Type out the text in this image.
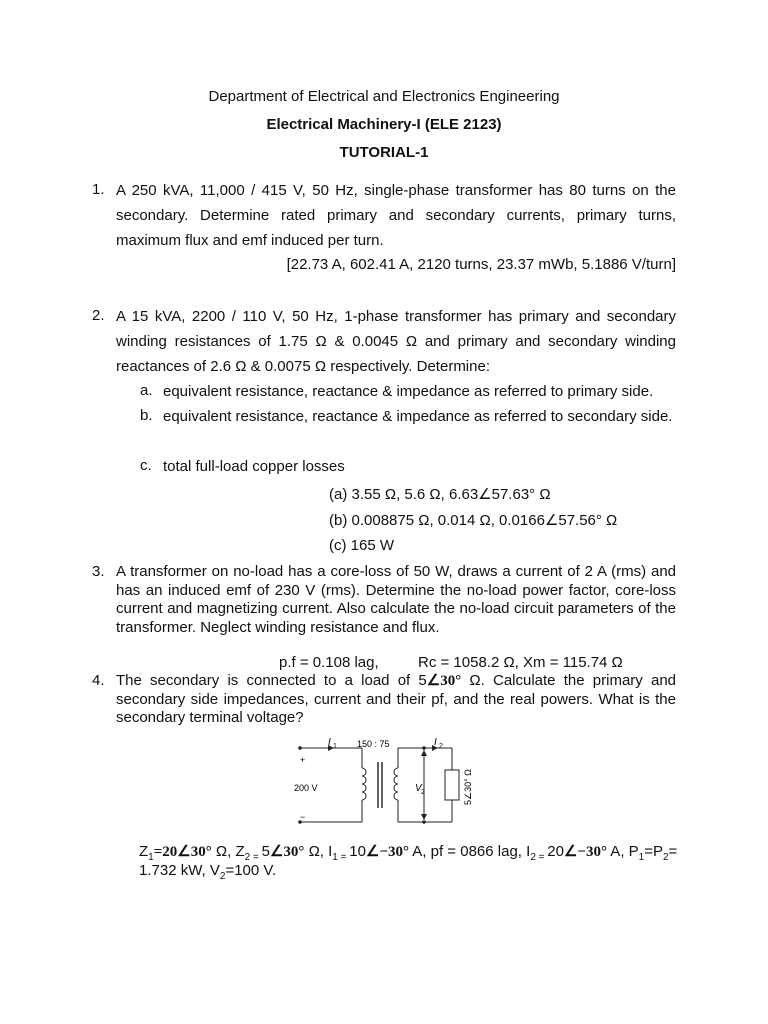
Department of Electrical and Electronics Engineering
Electrical Machinery-I (ELE 2123)
TUTORIAL-1
1. A 250 kVA, 11,000 / 415 V, 50 Hz, single-phase transformer has 80 turns on the secondary. Determine rated primary and secondary currents, primary turns, maximum flux and emf induced per turn.
[22.73 A, 602.41 A, 2120 turns, 23.37 mWb, 5.1886 V/turn]
2. A 15 kVA, 2200 / 110 V, 50 Hz, 1-phase transformer has primary and secondary winding resistances of 1.75 Ω & 0.0045 Ω and primary and secondary winding reactances of 2.6 Ω & 0.0075 Ω respectively. Determine:
a. equivalent resistance, reactance & impedance as referred to primary side.
b. equivalent resistance, reactance & impedance as referred to secondary side.
c. total full-load copper losses
(a) 3.55 Ω, 5.6 Ω, 6.63∠57.63° Ω
(b) 0.008875 Ω, 0.014 Ω, 0.0166∠57.56° Ω
(c) 165 W
3. A transformer on no-load has a core-loss of 50 W, draws a current of 2 A (rms) and has an induced emf of 230 V (rms). Determine the no-load power factor, core-loss current and magnetizing current. Also calculate the no-load circuit parameters of the transformer. Neglect winding resistance and flux.
p.f = 0.108 lag,	Rc = 1058.2 Ω, Xm = 115.74 Ω
4. The secondary is connected to a load of 5∠30° Ω. Calculate the primary and secondary side impedances, current and their pf, and the real powers. What is the secondary terminal voltage?
I 1 150 : 75	I 2
+
−
200 V	V 2	5∠30° Ω
$Z_1=20\angle 30^\circ$ Ω, $Z_{2 =}$ 5∠30° Ω, $I_{1 =}$ 10∠−30° A, pf = 0866 lag, $I_{2 =}$ 20∠−30° A, $P_1=P_2=$
1.732 kW, $V_2=100$ V.
